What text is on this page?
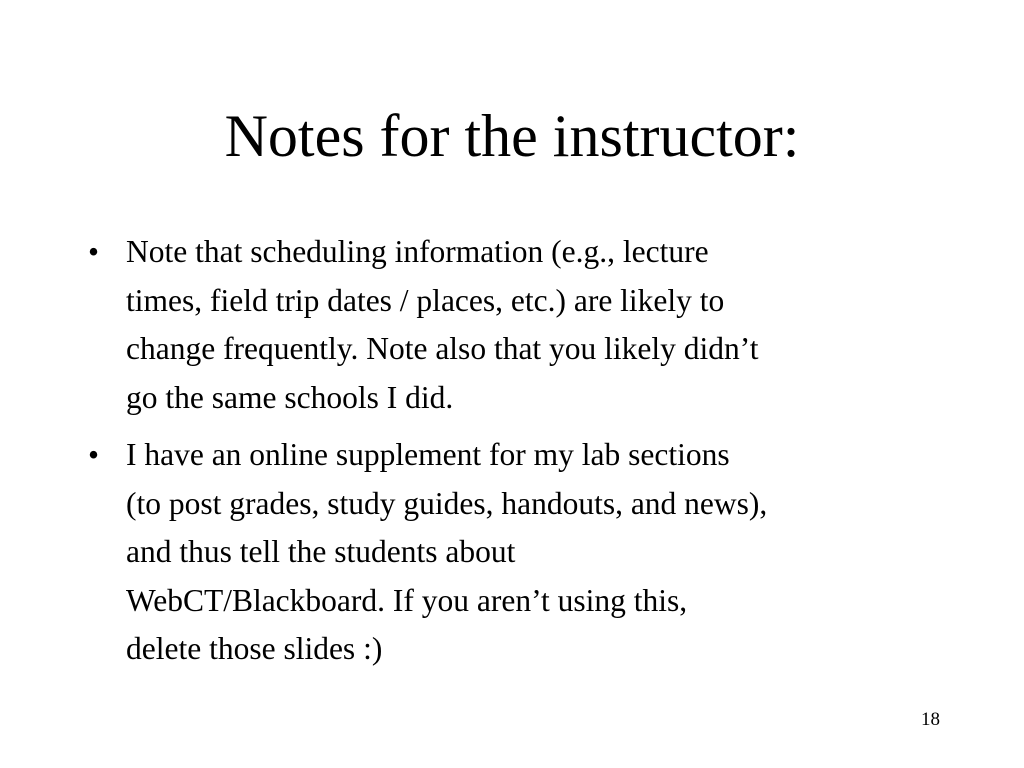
Notes for the instructor:
• Note that scheduling information (e.g., lecture
times, field trip dates / places, etc.) are likely to
change frequently. Note also that you likely didn’t
go the same schools I did.
• I have an online supplement for my lab sections
(to post grades, study guides, handouts, and news),
and thus tell the students about
WebCT/Blackboard. If you aren’t using this,
delete those slides :)
18
